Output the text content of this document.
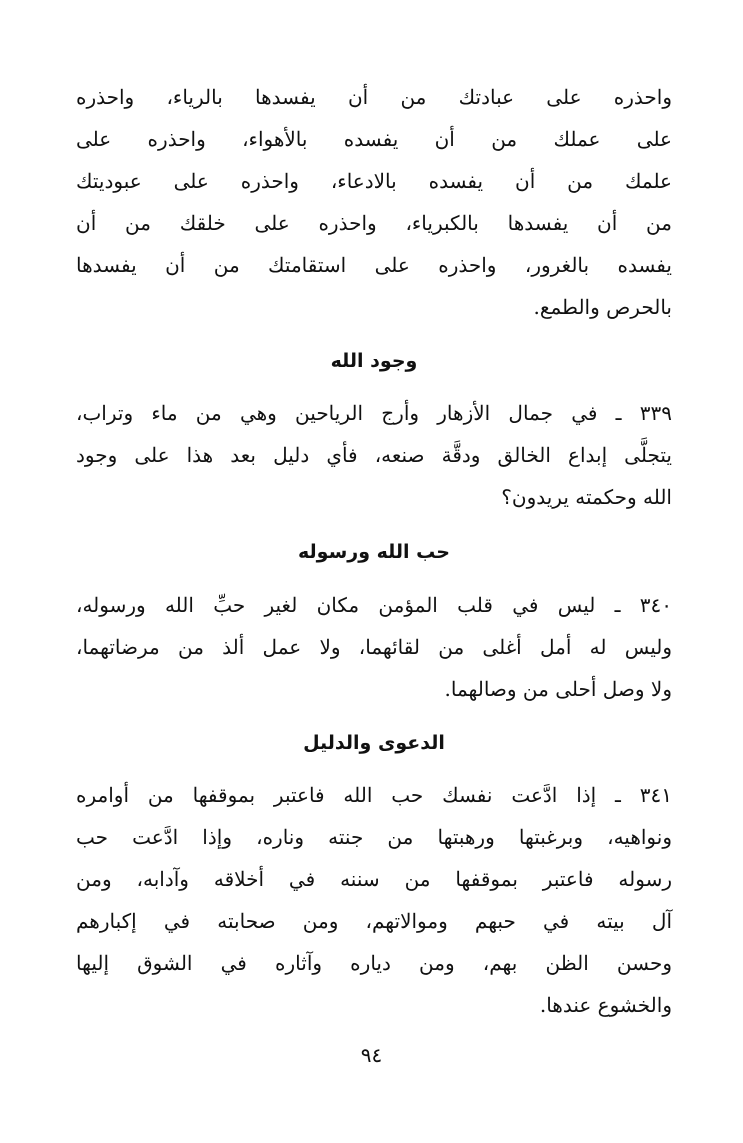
واحذره على عبادتك من أن يفسدها بالرياء، واحذره
على عملك من أن يفسده بالأهواء، واحذره على
علمك من أن يفسده بالادعاء، واحذره على عبوديتك
من أن يفسدها بالكبرياء، واحذره على خلقك من أن
يفسده بالغرور، واحذره على استقامتك من أن يفسدها
بالحرص والطمع.
وجود الله
٣٣٩ ـ في جمال الأزهار وأرج الرياحين وهي من ماء وتراب،
يتجلَّى إبداع الخالق ودقَّة صنعه، فأي دليل بعد هذا على وجود
الله وحكمته يريدون؟
حب الله ورسوله
٣٤٠ ـ ليس في قلب المؤمن مكان لغير حبِّ الله ورسوله،
وليس له أمل أغلى من لقائهما، ولا عمل ألذ من مرضاتهما،
ولا وصل أحلى من وصالهما.
الدعوى والدليل
٣٤١ ـ إذا ادَّعت نفسك حب الله فاعتبر بموقفها من أوامره
ونواهيه، وبرغبتها ورهبتها من جنته وناره، وإذا ادَّعت حب
رسوله فاعتبر بموقفها من سننه في أخلاقه وآدابه، ومن
آل بيته في حبهم وموالاتهم، ومن صحابته في إكبارهم
وحسن الظن بهم، ومن دياره وآثاره في الشوق إليها
والخشوع عندها.
٩٤
